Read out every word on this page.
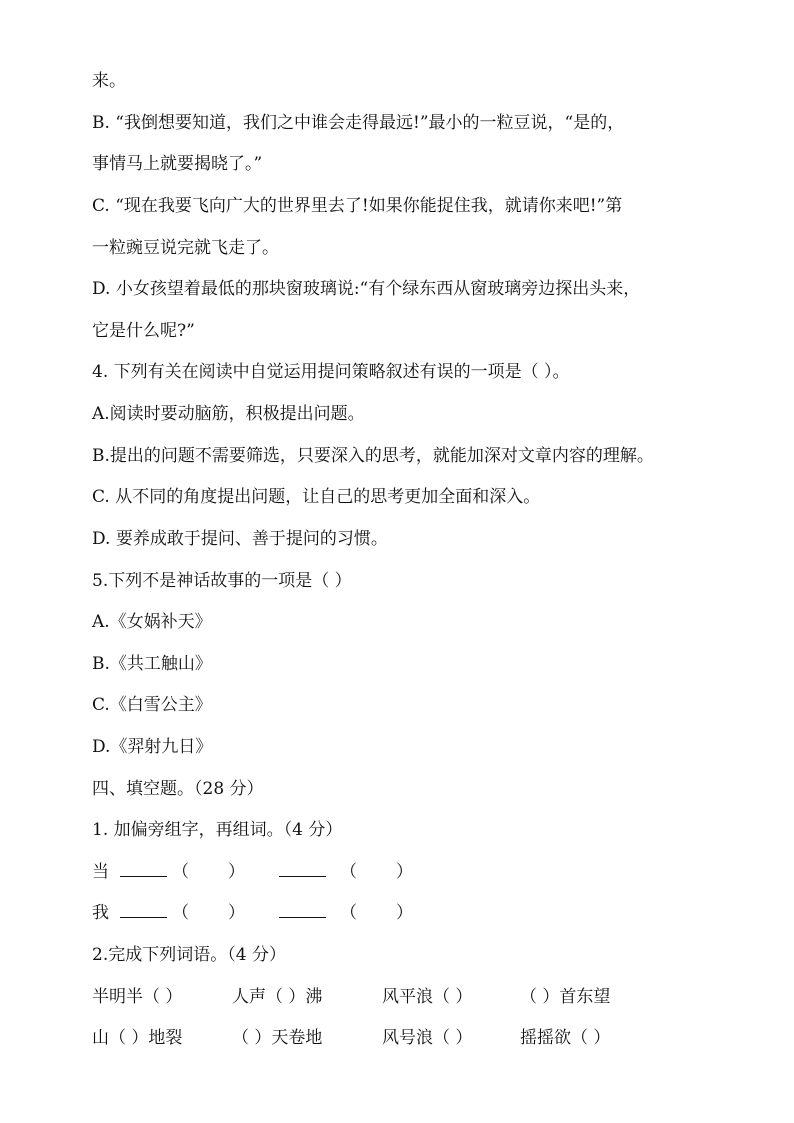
来。
B. “我倒想要知道，我们之中谁会走得最远!”最小的一粒豆说，“是的，
事情马上就要揭晓了。”
C. “现在我要飞向广大的世界里去了!如果你能捉住我，就请你来吧!”第
一粒豌豆说完就飞走了。
D. 小女孩望着最低的那块窗玻璃说:“有个绿东西从窗玻璃旁边探出头来，
它是什么呢?”
4. 下列有关在阅读中自觉运用提问策略叙述有误的一项是（ ）。
A.阅读时要动脑筋，积极提出问题。
B.提出的问题不需要筛选，只要深入的思考，就能加深对文章内容的理解。
C. 从不同的角度提出问题，让自己的思考更加全面和深入。
D. 要养成敢于提问、善于提问的习惯。
5.下列不是神话故事的一项是（ ）
A.《女娲补天》
B.《共工触山》
C.《白雪公主》
D.《羿射九日》
四、填空题。（28 分）
1. 加偏旁组字，再组词。（4 分）
当	（ ）	（ ）
我	（ ）	（ ）
2.完成下列词语。（4 分）
半明半（ ）	人声（ ）沸	风平浪（ ）	（ ）首东望
山（ ）地裂	（ ）天卷地	风号浪（ ）	摇摇欲（ ）
